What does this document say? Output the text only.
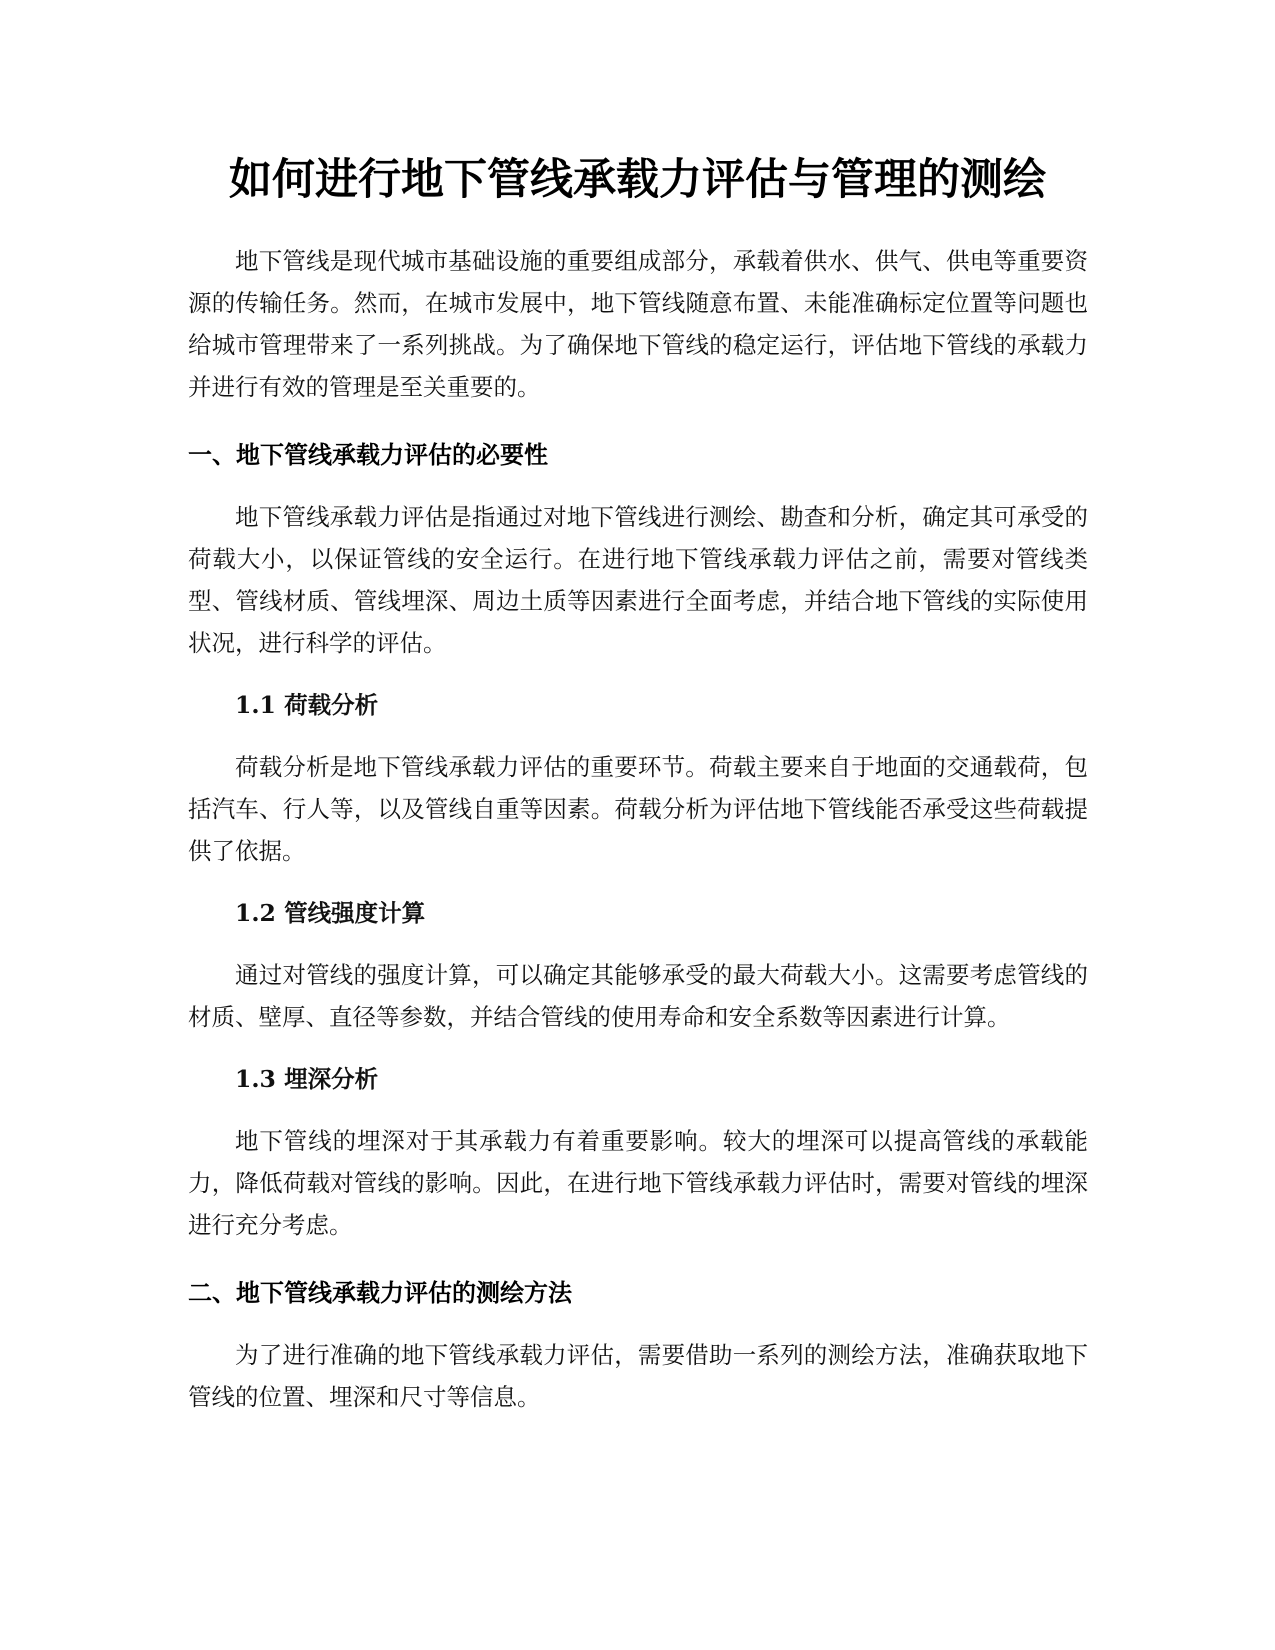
如何进行地下管线承载力评估与管理的测绘

地下管线是现代城市基础设施的重要组成部分，承载着供水、供气、供电等重要资源的传输任务。然而，在城市发展中，地下管线随意布置、未能准确标定位置等问题也给城市管理带来了一系列挑战。为了确保地下管线的稳定运行，评估地下管线的承载力并进行有效的管理是至关重要的。

一、地下管线承载力评估的必要性

地下管线承载力评估是指通过对地下管线进行测绘、勘查和分析，确定其可承受的荷载大小，以保证管线的安全运行。在进行地下管线承载力评估之前，需要对管线类型、管线材质、管线埋深、周边土质等因素进行全面考虑，并结合地下管线的实际使用状况，进行科学的评估。

1.1 荷载分析

荷载分析是地下管线承载力评估的重要环节。荷载主要来自于地面的交通载荷，包括汽车、行人等，以及管线自重等因素。荷载分析为评估地下管线能否承受这些荷载提供了依据。

1.2 管线强度计算

通过对管线的强度计算，可以确定其能够承受的最大荷载大小。这需要考虑管线的材质、壁厚、直径等参数，并结合管线的使用寿命和安全系数等因素进行计算。

1.3 埋深分析

地下管线的埋深对于其承载力有着重要影响。较大的埋深可以提高管线的承载能力，降低荷载对管线的影响。因此，在进行地下管线承载力评估时，需要对管线的埋深进行充分考虑。

二、地下管线承载力评估的测绘方法

为了进行准确的地下管线承载力评估，需要借助一系列的测绘方法，准确获取地下管线的位置、埋深和尺寸等信息。
